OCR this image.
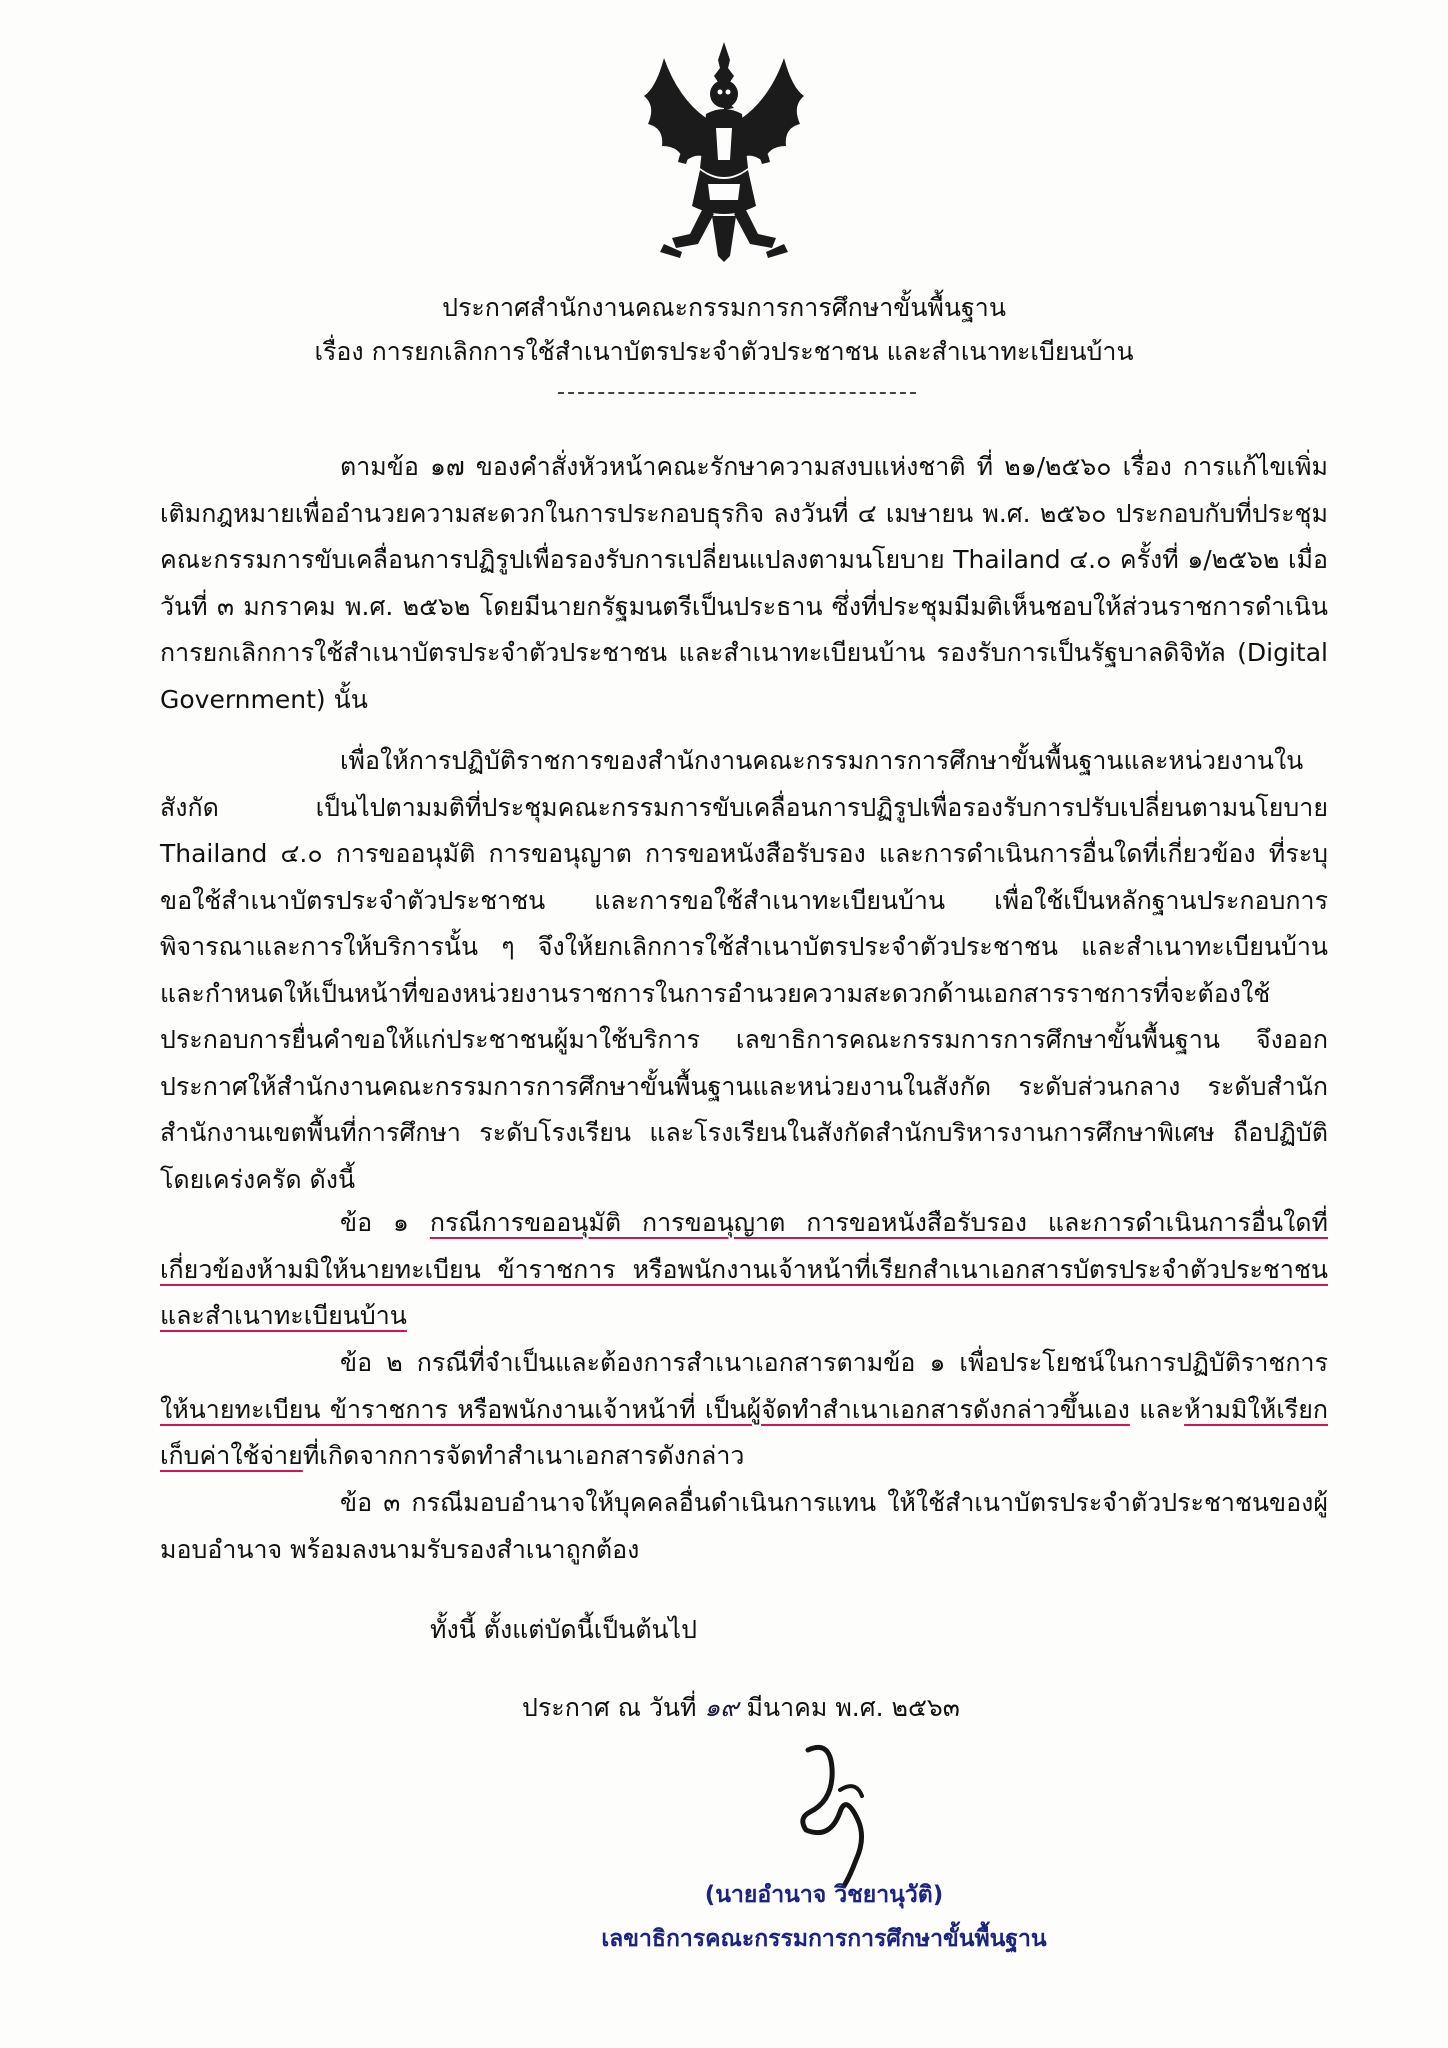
ประกาศสำนักงานคณะกรรมการการศึกษาขั้นพื้นฐาน
เรื่อง การยกเลิกการใช้สำเนาบัตรประจำตัวประชาชน และสำเนาทะเบียนบ้าน

ตามข้อ ๑๗ ของคำสั่งหัวหน้าคณะรักษาความสงบแห่งชาติ ที่ ๒๑/๒๕๖๐ เรื่อง การแก้ไขเพิ่มเติมกฎหมายเพื่ออำนวยความสะดวกในการประกอบธุรกิจ ลงวันที่ ๔ เมษายน พ.ศ. ๒๕๖๐ ประกอบกับที่ประชุมคณะกรรมการขับเคลื่อนการปฏิรูปเพื่อรองรับการเปลี่ยนแปลงตามนโยบาย Thailand ๔.๐ ครั้งที่ ๑/๒๕๖๒ เมื่อวันที่ ๓ มกราคม พ.ศ. ๒๕๖๒ โดยมีนายกรัฐมนตรีเป็นประธาน ซึ่งที่ประชุมมีมติเห็นชอบให้ส่วนราชการดำเนินการยกเลิกการใช้สำเนาบัตรประจำตัวประชาชน และสำเนาทะเบียนบ้าน รองรับการเป็นรัฐบาลดิจิทัล (Digital Government) นั้น

เพื่อให้การปฏิบัติราชการของสำนักงานคณะกรรมการการศึกษาขั้นพื้นฐานและหน่วยงานในสังกัด เป็นไปตามมติที่ประชุมคณะกรรมการขับเคลื่อนการปฏิรูปเพื่อรองรับการปรับเปลี่ยนตามนโยบาย Thailand ๔.๐ การขออนุมัติ การขอนุญาต การขอหนังสือรับรอง และการดำเนินการอื่นใดที่เกี่ยวข้อง ที่ระบุขอใช้สำเนาบัตรประจำตัวประชาชน และการขอใช้สำเนาทะเบียนบ้าน เพื่อใช้เป็นหลักฐานประกอบการพิจารณาและการให้บริการนั้น ๆ จึงให้ยกเลิกการใช้สำเนาบัตรประจำตัวประชาชน และสำเนาทะเบียนบ้าน และกำหนดให้เป็นหน้าที่ของหน่วยงานราชการในการอำนวยความสะดวกด้านเอกสารราชการที่จะต้องใช้ประกอบการยื่นคำขอให้แก่ประชาชนผู้มาใช้บริการ เลขาธิการคณะกรรมการการศึกษาขั้นพื้นฐาน จึงออกประกาศให้สำนักงานคณะกรรมการการศึกษาขั้นพื้นฐานและหน่วยงานในสังกัด ระดับส่วนกลาง ระดับสำนักสำนักงานเขตพื้นที่การศึกษา ระดับโรงเรียน และโรงเรียนในสังกัดสำนักบริหารงานการศึกษาพิเศษ ถือปฏิบัติโดยเคร่งครัด ดังนี้

ข้อ ๑ กรณีการขออนุมัติ การขอนุญาต การขอหนังสือรับรอง และการดำเนินการอื่นใดที่เกี่ยวข้องห้ามมิให้นายทะเบียน ข้าราชการ หรือพนักงานเจ้าหน้าที่เรียกสำเนาเอกสารบัตรประจำตัวประชาชน และสำเนาทะเบียนบ้าน

ข้อ ๒ กรณีที่จำเป็นและต้องการสำเนาเอกสารตามข้อ ๑ เพื่อประโยชน์ในการปฏิบัติราชการ ให้นายทะเบียน ข้าราชการ หรือพนักงานเจ้าหน้าที่ เป็นผู้จัดทำสำเนาเอกสารดังกล่าวขึ้นเอง และห้ามมิให้เรียกเก็บค่าใช้จ่ายที่เกิดจากการจัดทำสำเนาเอกสารดังกล่าว

ข้อ ๓ กรณีมอบอำนาจให้บุคคลอื่นดำเนินการแทน ให้ใช้สำเนาบัตรประจำตัวประชาชนของผู้มอบอำนาจ พร้อมลงนามรับรองสำเนาถูกต้อง

ทั้งนี้ ตั้งแต่บัดนี้เป็นต้นไป
ประกาศ ณ วันที่ ๑๙ มีนาคม พ.ศ. ๒๕๖๓
(นายอำนาจ วิชยานุวัติ)
เลขาธิการคณะกรรมการการศึกษาขั้นพื้นฐาน
